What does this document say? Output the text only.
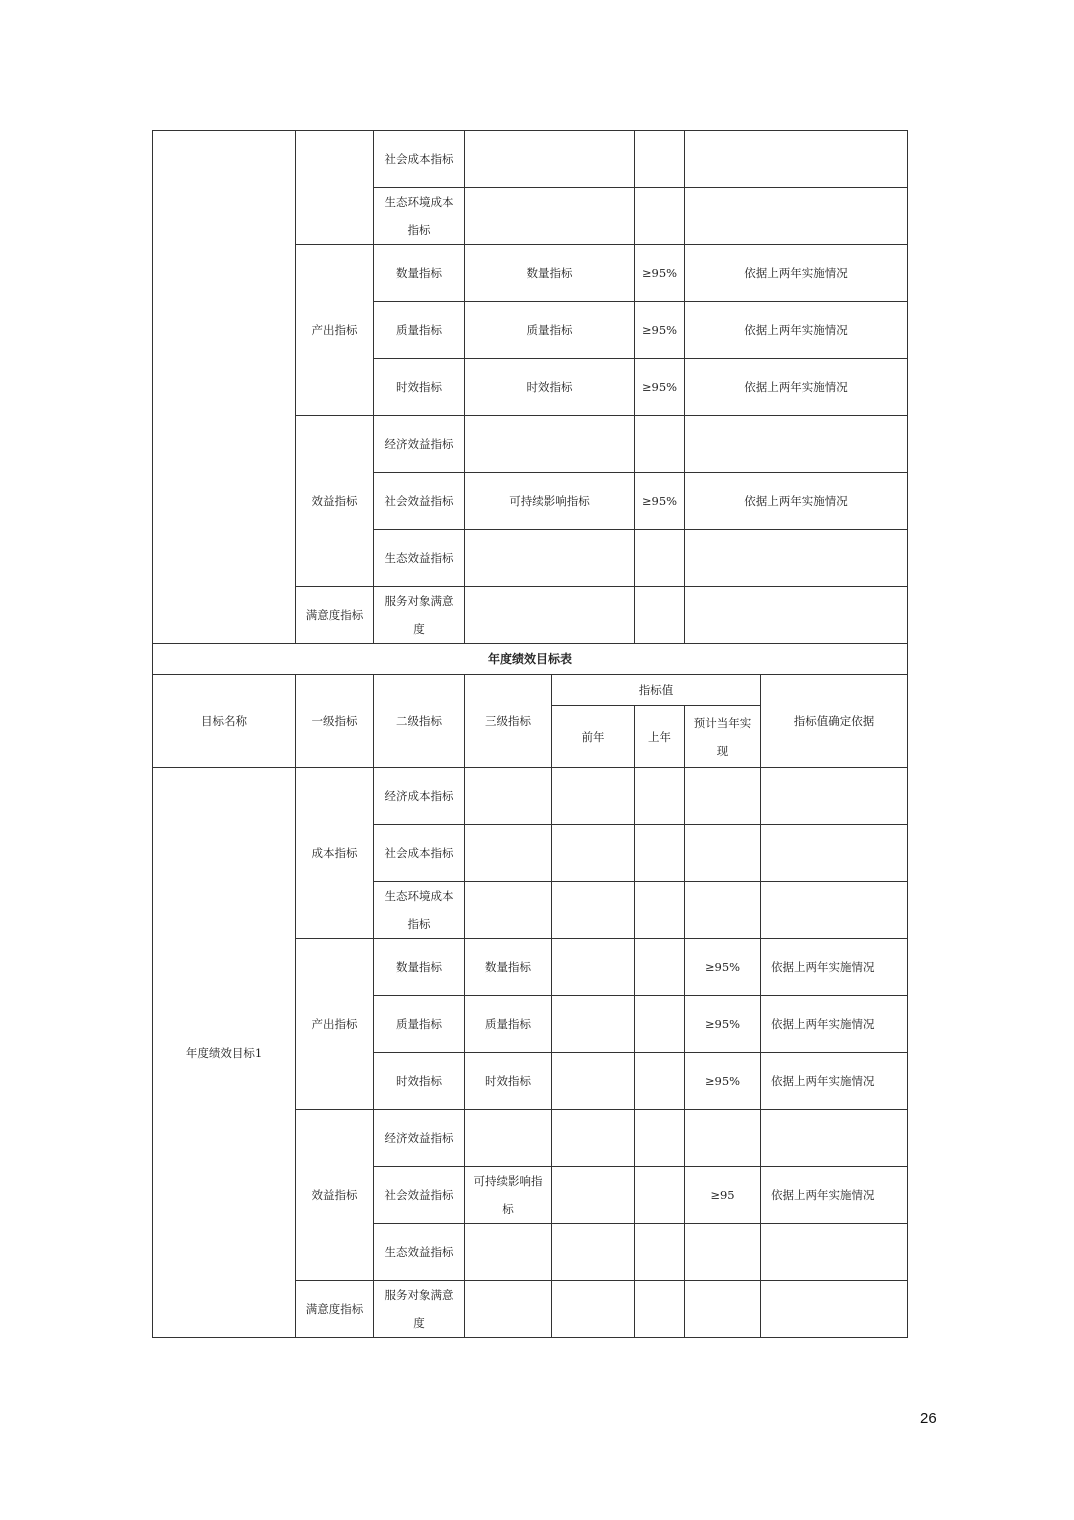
		社会成本指标			
		生态环境成本指标			
	产出指标	数量指标	数量指标	≥95%	依据上两年实施情况
		质量指标	质量指标	≥95%	依据上两年实施情况
		时效指标	时效指标	≥95%	依据上两年实施情况
	效益指标	经济效益指标			
		社会效益指标	可持续影响指标	≥95%	依据上两年实施情况
		生态效益指标			
	满意度指标	服务对象满意度			
年度绩效目标表							
目标名称	一级指标	二级指标	三级指标	指标值			指标值确定依据
				前年	上年	预计当年实现	
年度绩效目标1	成本指标	经济成本指标					
		社会成本指标					
		生态环境成本指标					
	产出指标	数量指标	数量指标			≥95%	依据上两年实施情况
		质量指标	质量指标			≥95%	依据上两年实施情况
		时效指标	时效指标			≥95%	依据上两年实施情况
	效益指标	经济效益指标					
		社会效益指标	可持续影响指标			≥95	依据上两年实施情况
		生态效益指标					
	满意度指标	服务对象满意度					
26
